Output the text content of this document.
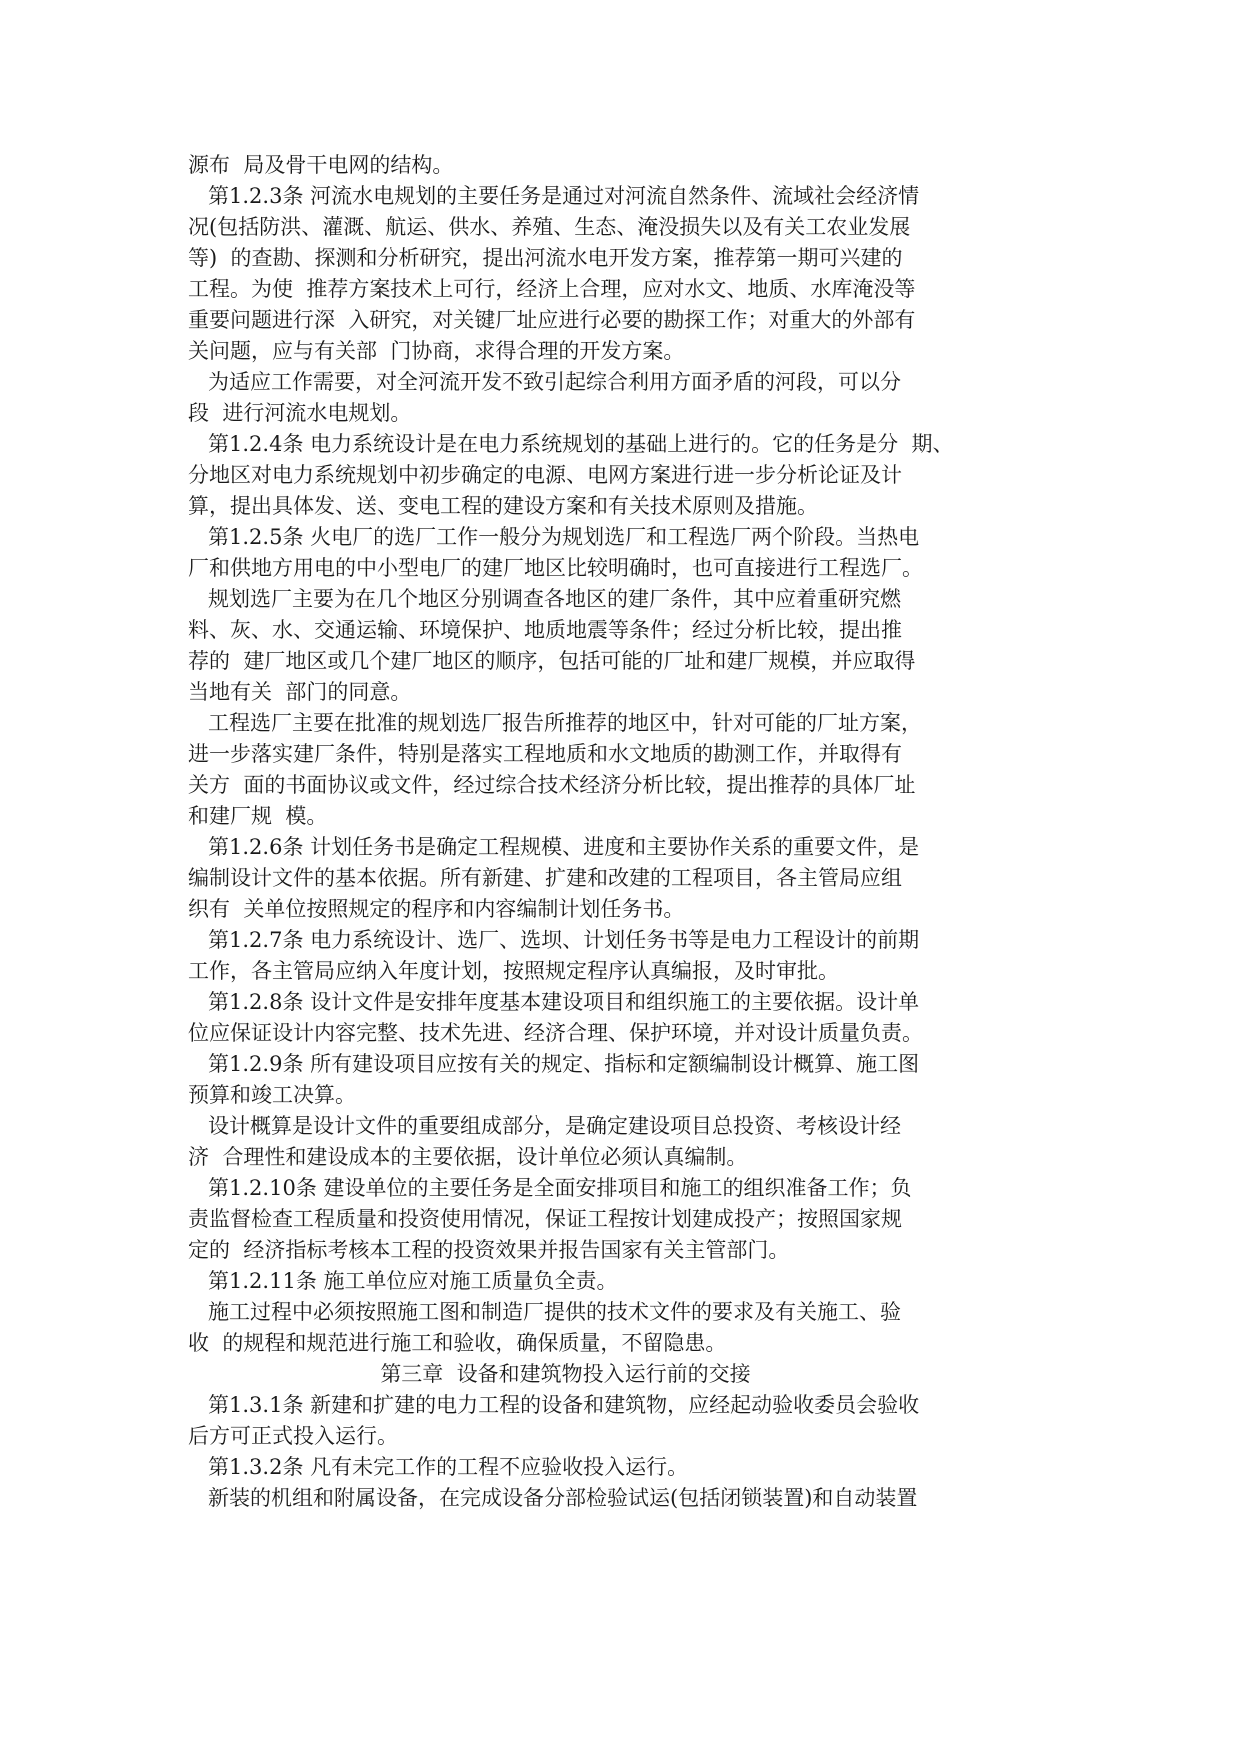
源布  局及骨干电网的结构。
第1.2.3条 河流水电规划的主要任务是通过对河流自然条件、流域社会经济情
况(包括防洪、灌溉、航运、供水、养殖、生态、淹没损失以及有关工农业发展
等)  的查勘、探测和分析研究，提出河流水电开发方案，推荐第一期可兴建的
工程。为使  推荐方案技术上可行，经济上合理，应对水文、地质、水库淹没等
重要问题进行深  入研究，对关键厂址应进行必要的勘探工作；对重大的外部有
关问题，应与有关部  门协商，求得合理的开发方案。
为适应工作需要，对全河流开发不致引起综合利用方面矛盾的河段，可以分
段  进行河流水电规划。
第1.2.4条 电力系统设计是在电力系统规划的基础上进行的。它的任务是分  期、
分地区对电力系统规划中初步确定的电源、电网方案进行进一步分析论证及计
算，提出具体发、送、变电工程的建设方案和有关技术原则及措施。
第1.2.5条 火电厂的选厂工作一般分为规划选厂和工程选厂两个阶段。当热电
厂和供地方用电的中小型电厂的建厂地区比较明确时，也可直接进行工程选厂。
规划选厂主要为在几个地区分别调查各地区的建厂条件，其中应着重研究燃
料、灰、水、交通运输、环境保护、地质地震等条件；经过分析比较，提出推
荐的  建厂地区或几个建厂地区的顺序，包括可能的厂址和建厂规模，并应取得
当地有关  部门的同意。
工程选厂主要在批准的规划选厂报告所推荐的地区中，针对可能的厂址方案，
进一步落实建厂条件，特别是落实工程地质和水文地质的勘测工作，并取得有
关方  面的书面协议或文件，经过综合技术经济分析比较，提出推荐的具体厂址
和建厂规  模。
第1.2.6条 计划任务书是确定工程规模、进度和主要协作关系的重要文件，是
编制设计文件的基本依据。所有新建、扩建和改建的工程项目，各主管局应组
织有  关单位按照规定的程序和内容编制计划任务书。
第1.2.7条 电力系统设计、选厂、选坝、计划任务书等是电力工程设计的前期
工作，各主管局应纳入年度计划，按照规定程序认真编报，及时审批。
第1.2.8条 设计文件是安排年度基本建设项目和组织施工的主要依据。设计单
位应保证设计内容完整、技术先进、经济合理、保护环境，并对设计质量负责。
第1.2.9条 所有建设项目应按有关的规定、指标和定额编制设计概算、施工图
预算和竣工决算。
设计概算是设计文件的重要组成部分，是确定建设项目总投资、考核设计经
济  合理性和建设成本的主要依据，设计单位必须认真编制。
第1.2.10条 建设单位的主要任务是全面安排项目和施工的组织准备工作；负
责监督检查工程质量和投资使用情况，保证工程按计划建成投产；按照国家规
定的  经济指标考核本工程的投资效果并报告国家有关主管部门。
第1.2.11条 施工单位应对施工质量负全责。
施工过程中必须按照施工图和制造厂提供的技术文件的要求及有关施工、验
收  的规程和规范进行施工和验收，确保质量，不留隐患。
第三章  设备和建筑物投入运行前的交接
第1.3.1条 新建和扩建的电力工程的设备和建筑物，应经起动验收委员会验收
后方可正式投入运行。
第1.3.2条 凡有未完工作的工程不应验收投入运行。
新装的机组和附属设备，在完成设备分部检验试运(包括闭锁装置)和自动装置
